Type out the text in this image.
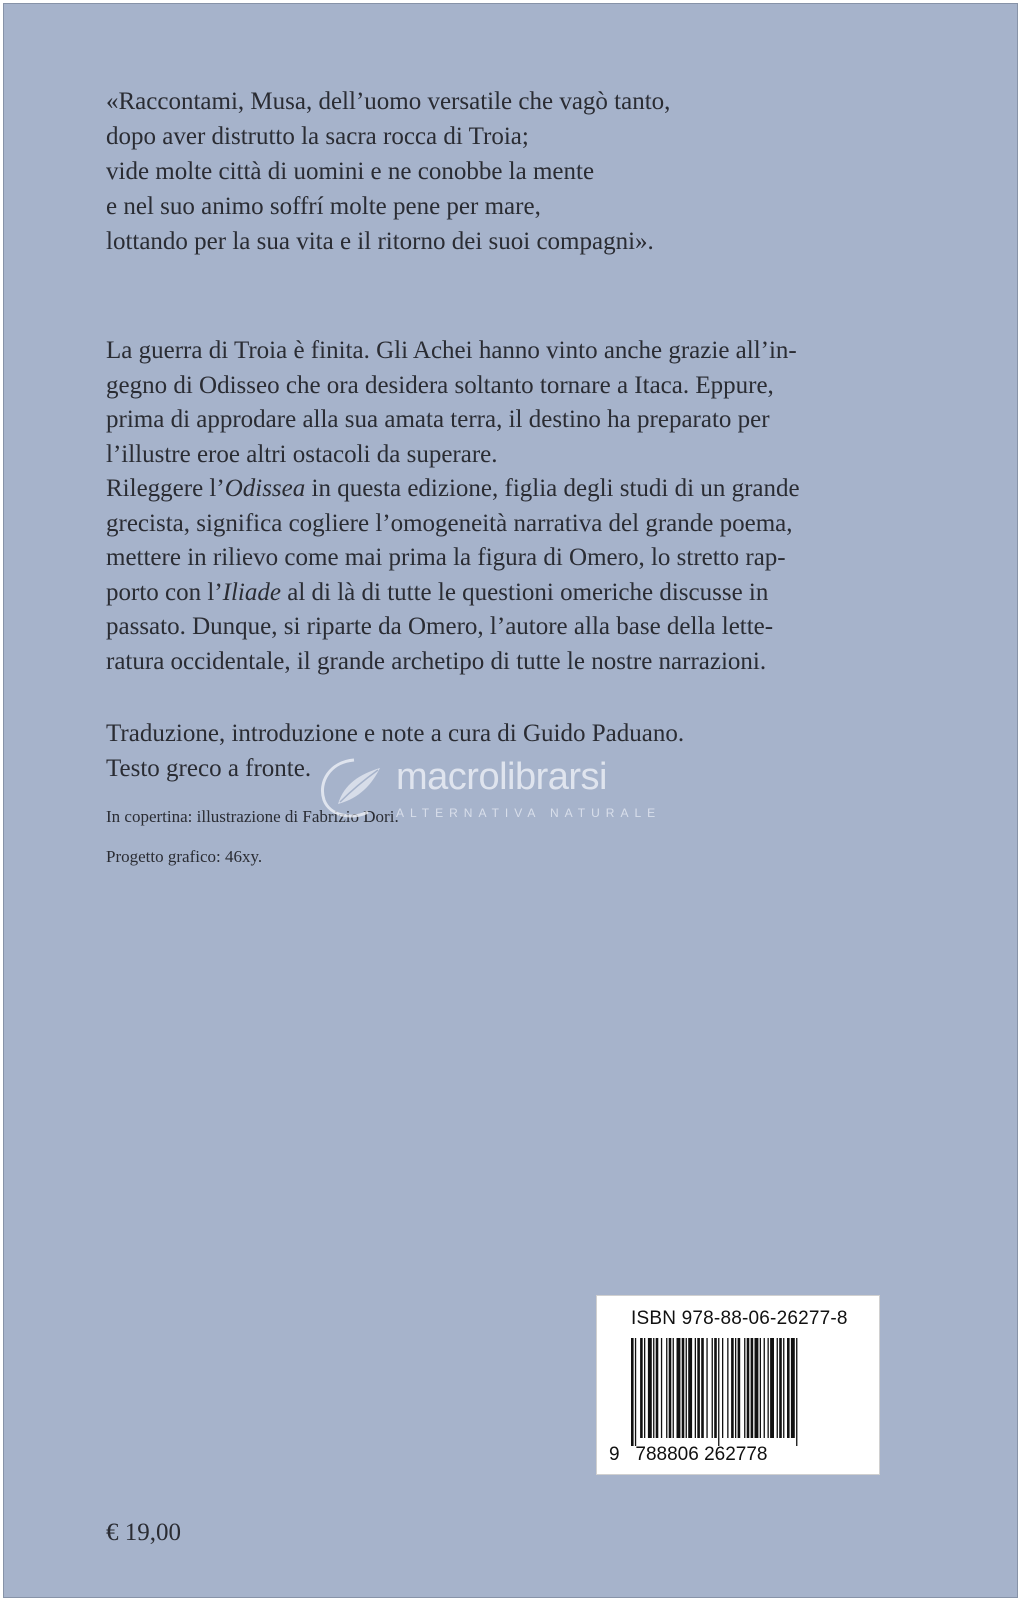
«Raccontami, Musa, dell’uomo versatile che vagò tanto,
dopo aver distrutto la sacra rocca di Troia;
vide molte città di uomini e ne conobbe la mente
e nel suo animo soffrí molte pene per mare,
lottando per la sua vita e il ritorno dei suoi compagni».
La guerra di Troia è finita. Gli Achei hanno vinto anche grazie all’in-
gegno di Odisseo che ora desidera soltanto tornare a Itaca. Eppure,
prima di approdare alla sua amata terra, il destino ha preparato per
l’illustre eroe altri ostacoli da superare.
Rileggere l’Odissea in questa edizione, figlia degli studi di un grande
grecista, significa cogliere l’omogeneità narrativa del grande poema,
mettere in rilievo come mai prima la figura di Omero, lo stretto rap-
porto con l’Iliade al di là di tutte le questioni omeriche discusse in
passato. Dunque, si riparte da Omero, l’autore alla base della lette-
ratura occidentale, il grande archetipo di tutte le nostre narrazioni.
Traduzione, introduzione e note a cura di Guido Paduano.
Testo greco a fronte.
In copertina: illustrazione di Fabrizio Dori.
Progetto grafico: 46xy.
macrolibrarsi
ALTERNATIVA NATURALE
ISBN 978-88-06-26277-8
9   788806 262778
€ 19,00
